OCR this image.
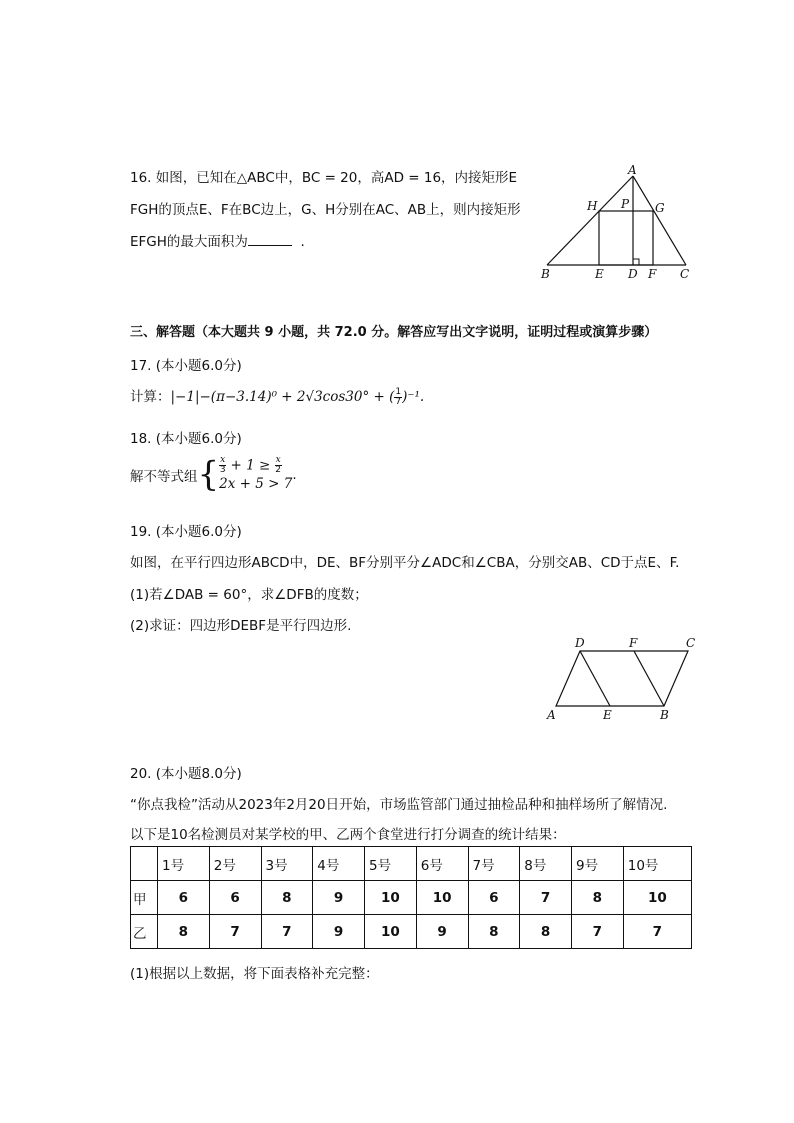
16. 如图，已知在△ABC中，BC = 20，高AD = 16，内接矩形E
FGH的顶点E、F在BC边上，G、H分别在AC、AB上，则内接矩形
EFGH的最大面积为	.
A
H P G
B	E D F C
三、解答题（本大题共 9 小题，共 72.0 分。解答应写出文字说明，证明过程或演算步骤）
17. (本小题6.0分)
计算：|−1|−(π−3.14)⁰ + 2√3cos30° + ( $\frac{1}{7} )^{-1}$.
18. (本小题6.0分)
解不等式组{ $\frac{x}{3} + 1 \ge \frac{x}{2}$
2x + 5 > 7
.
19. (本小题6.0分)
如图，在平行四边形ABCD中，DE、BF分别平分∠ADC和∠CBA，分别交AB、CD于点E、F.
(1)若∠DAB = 60°，求∠DFB的度数；
(2)求证：四边形DEBF是平行四边形.
D	F	C
A	E	B
20. (本小题8.0分)
“你点我检”活动从2023年2月20日开始，市场监管部门通过抽检品种和抽样场所了解情况.
以下是10名检测员对某学校的甲、乙两个食堂进行打分调查的统计结果：
	1号	2号	3号	4号	5号	6号	7号	8号	9号	10号
甲	6	6	8	9	10	10	6	7	8	10
乙	8	7	7	9	10	9	8	8	7	7
(1)根据以上数据，将下面表格补充完整：
